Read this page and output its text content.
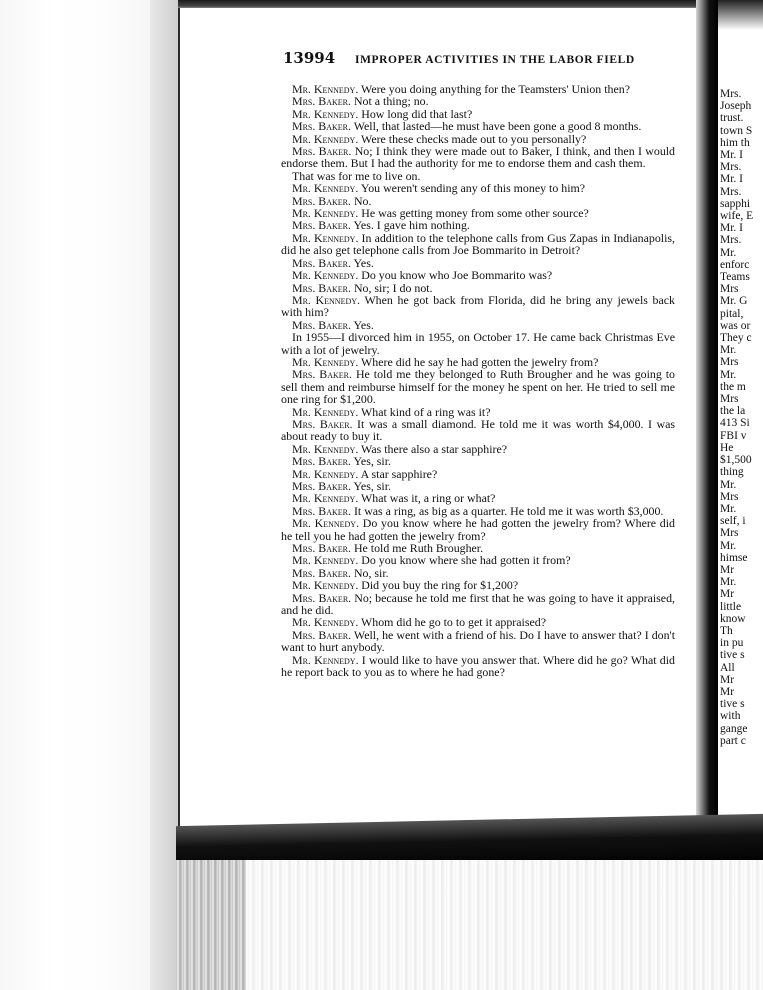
Mrs.
Joseph
trust.
town S
him th
Mr. I
Mrs.
Mr. I
Mrs.
sapphi
wife, E
Mr. I
Mrs.
Mr.
enforc
Teams
Mrs
Mr. G
pital,
was or
They c
Mr.
Mrs
Mr.
the m
Mrs
the la
413 Si
FBI v
He
$1,500
thing
Mr.
Mrs
Mr.
self, i
Mrs
Mr.
himse
Mr
Mr.
Mr
little
know
Th
in pu
tive s
All
Mr
Mr
tive s
with
gange
part c
13994 IMPROPER ACTIVITIES IN THE LABOR FIELD

Mr. Kennedy. Were you doing anything for the Teamsters' Union then?

Mrs. Baker. Not a thing; no.

Mr. Kennedy. How long did that last?

Mrs. Baker. Well, that lasted—he must have been gone a good 8 months.

Mr. Kennedy. Were these checks made out to you personally?

Mrs. Baker. No; I think they were made out to Baker, I think, and then I would endorse them. But I had the authority for me to endorse them and cash them.

That was for me to live on.

Mr. Kennedy. You weren't sending any of this money to him?

Mrs. Baker. No.

Mr. Kennedy. He was getting money from some other source?

Mrs. Baker. Yes. I gave him nothing.

Mr. Kennedy. In addition to the telephone calls from Gus Zapas in Indianapolis, did he also get telephone calls from Joe Bommarito in Detroit?

Mrs. Baker. Yes.

Mr. Kennedy. Do you know who Joe Bommarito was?

Mrs. Baker. No, sir; I do not.

Mr. Kennedy. When he got back from Florida, did he bring any jewels back with him?

Mrs. Baker. Yes.

In 1955—I divorced him in 1955, on October 17. He came back Christmas Eve with a lot of jewelry.

Mr. Kennedy. Where did he say he had gotten the jewelry from?

Mrs. Baker. He told me they belonged to Ruth Brougher and he was going to sell them and reimburse himself for the money he spent on her. He tried to sell me one ring for $1,200.

Mr. Kennedy. What kind of a ring was it?

Mrs. Baker. It was a small diamond. He told me it was worth $4,000. I was about ready to buy it.

Mr. Kennedy. Was there also a star sapphire?

Mrs. Baker. Yes, sir.

Mr. Kennedy. A star sapphire?

Mrs. Baker. Yes, sir.

Mr. Kennedy. What was it, a ring or what?

Mrs. Baker. It was a ring, as big as a quarter. He told me it was worth $3,000.

Mr. Kennedy. Do you know where he had gotten the jewelry from? Where did he tell you he had gotten the jewelry from?

Mrs. Baker. He told me Ruth Brougher.

Mr. Kennedy. Do you know where she had gotten it from?

Mrs. Baker. No, sir.

Mr. Kennedy. Did you buy the ring for $1,200?

Mrs. Baker. No; because he told me first that he was going to have it appraised, and he did.

Mr. Kennedy. Whom did he go to to get it appraised?

Mrs. Baker. Well, he went with a friend of his. Do I have to answer that? I don't want to hurt anybody.

Mr. Kennedy. I would like to have you answer that. Where did he go? What did he report back to you as to where he had gone?
